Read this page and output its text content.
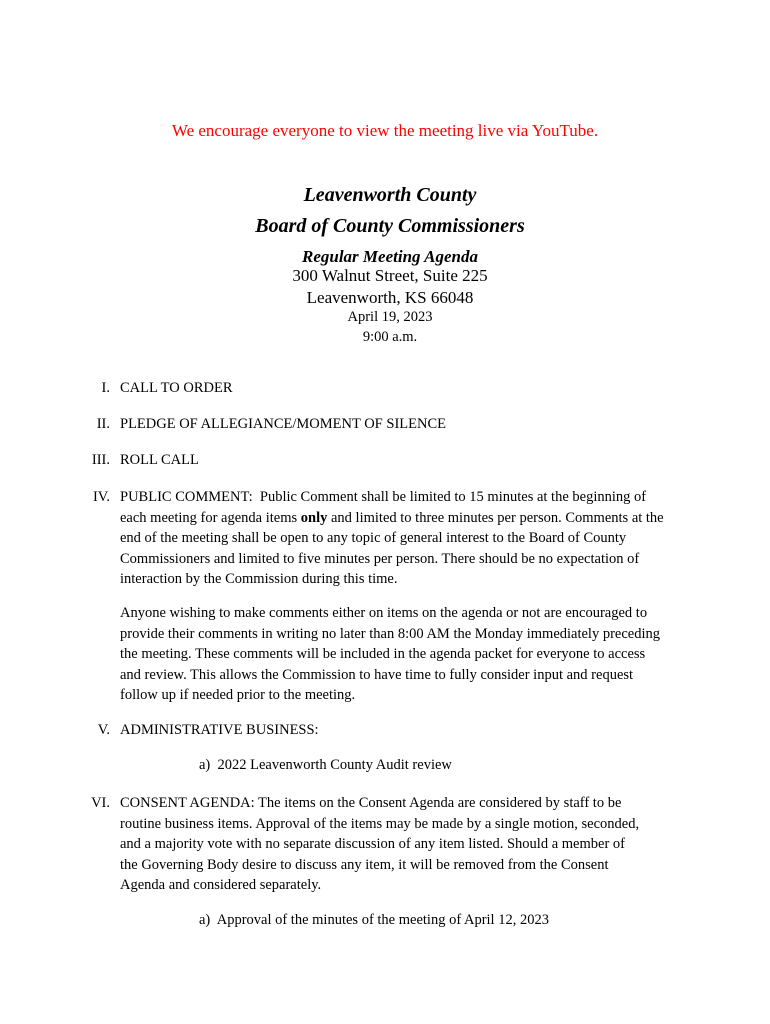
We encourage everyone to view the meeting live via YouTube.
Leavenworth County
Board of County Commissioners
Regular Meeting Agenda
300 Walnut Street, Suite 225
Leavenworth, KS 66048
April 19, 2023
9:00 a.m.
I. CALL TO ORDER
II. PLEDGE OF ALLEGIANCE/MOMENT OF SILENCE
III. ROLL CALL
IV. PUBLIC COMMENT: Public Comment shall be limited to 15 minutes at the beginning of each meeting for agenda items only and limited to three minutes per person. Comments at the end of the meeting shall be open to any topic of general interest to the Board of County Commissioners and limited to five minutes per person. There should be no expectation of interaction by the Commission during this time.
Anyone wishing to make comments either on items on the agenda or not are encouraged to provide their comments in writing no later than 8:00 AM the Monday immediately preceding the meeting. These comments will be included in the agenda packet for everyone to access and review. This allows the Commission to have time to fully consider input and request follow up if needed prior to the meeting.
V. ADMINISTRATIVE BUSINESS:
a) 2022 Leavenworth County Audit review
VI. CONSENT AGENDA: The items on the Consent Agenda are considered by staff to be routine business items. Approval of the items may be made by a single motion, seconded, and a majority vote with no separate discussion of any item listed. Should a member of the Governing Body desire to discuss any item, it will be removed from the Consent Agenda and considered separately.
a) Approval of the minutes of the meeting of April 12, 2023
